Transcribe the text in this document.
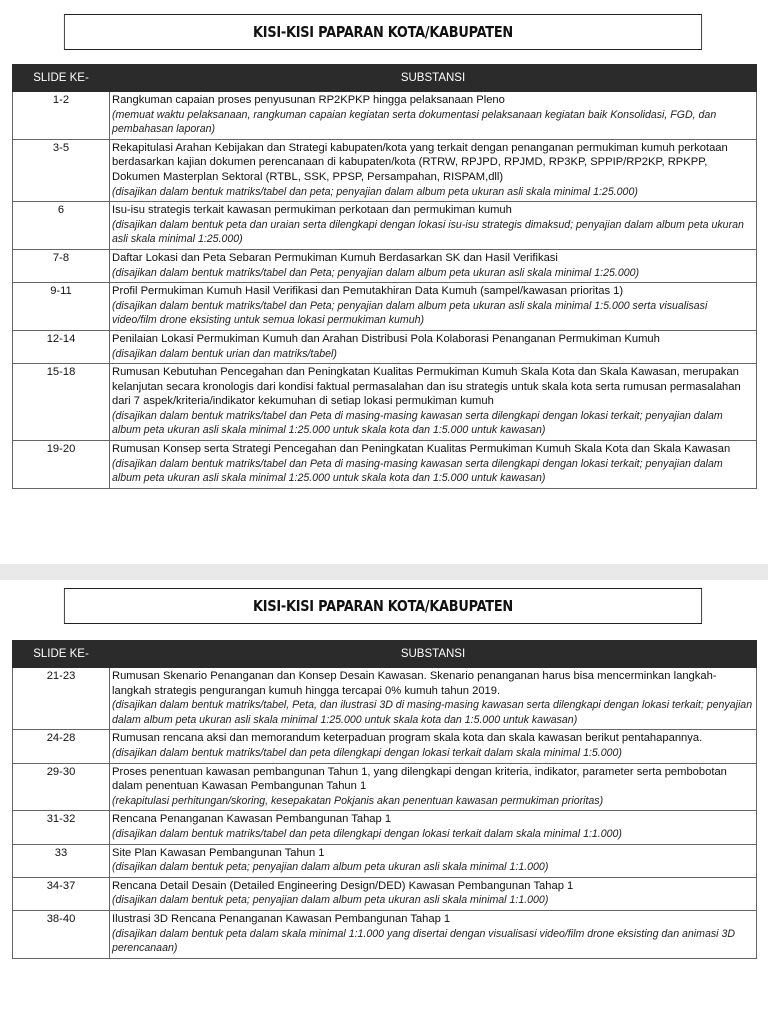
KISI-KISI PAPARAN KOTA/KABUPATEN
SLIDE KE-	SUBSTANSI
1-2	Rangkuman capaian proses penyusunan RP2KPKP hingga pelaksanaan Pleno
(memuat waktu pelaksanaan, rangkuman capaian kegiatan serta dokumentasi pelaksanaan kegiatan baik Konsolidasi, FGD, dan pembahasan laporan)

3-5	Rekapitulasi Arahan Kebijakan dan Strategi kabupaten/kota yang terkait dengan penanganan permukiman kumuh perkotaan berdasarkan kajian dokumen perencanaan di kabupaten/kota (RTRW, RPJPD, RPJMD, RP3KP, SPPIP/RP2KP, RPKPP, Dokumen Masterplan Sektoral (RTBL, SSK, PPSP, Persampahan, RISPAM,dll)
(disajikan dalam bentuk matriks/tabel dan peta; penyajian dalam album peta ukuran asli skala minimal 1:25.000)

6	Isu-isu strategis terkait kawasan permukiman perkotaan dan permukiman kumuh
(disajikan dalam bentuk peta dan uraian serta dilengkapi dengan lokasi isu-isu strategis dimaksud; penyajian dalam album peta ukuran asli skala minimal 1:25.000)

7-8	Daftar Lokasi dan Peta Sebaran Permukiman Kumuh Berdasarkan SK dan Hasil Verifikasi
(disajikan dalam bentuk matriks/tabel dan Peta; penyajian dalam album peta ukuran asli skala minimal 1:25.000)

9-11	Profil Permukiman Kumuh Hasil Verifikasi dan Pemutakhiran Data Kumuh (sampel/kawasan prioritas 1)
(disajikan dalam bentuk matriks/tabel dan Peta; penyajian dalam album peta ukuran asli skala minimal 1:5.000 serta visualisasi video/film drone eksisting untuk semua lokasi permukiman kumuh)

12-14	Penilaian Lokasi Permukiman Kumuh dan Arahan Distribusi Pola Kolaborasi Penanganan Permukiman Kumuh
(disajikan dalam bentuk urian dan matriks/tabel)

15-18	Rumusan Kebutuhan Pencegahan dan Peningkatan Kualitas Permukiman Kumuh Skala Kota dan Skala Kawasan, merupakan kelanjutan secara kronologis dari kondisi faktual permasalahan dan isu strategis untuk skala kota serta rumusan permasalahan dari 7 aspek/kriteria/indikator kekumuhan di setiap lokasi permukiman kumuh
(disajikan dalam bentuk matriks/tabel dan Peta di masing-masing kawasan serta dilengkapi dengan lokasi terkait; penyajian dalam album peta ukuran asli skala minimal 1:25.000 untuk skala kota dan 1:5.000 untuk kawasan)

19-20	Rumusan Konsep serta Strategi Pencegahan dan Peningkatan Kualitas Permukiman Kumuh Skala Kota dan Skala Kawasan
(disajikan dalam bentuk matriks/tabel dan Peta di masing-masing kawasan serta dilengkapi dengan lokasi terkait; penyajian dalam album peta ukuran asli skala minimal 1:25.000 untuk skala kota dan 1:5.000 untuk kawasan)
KISI-KISI PAPARAN KOTA/KABUPATEN
SLIDE KE-	SUBSTANSI
21-23	Rumusan Skenario Penanganan dan Konsep Desain Kawasan. Skenario penanganan harus bisa mencerminkan langkah-langkah strategis pengurangan kumuh hingga tercapai 0% kumuh tahun 2019.
(disajikan dalam bentuk matriks/tabel, Peta, dan ilustrasi 3D di masing-masing kawasan serta dilengkapi dengan lokasi terkait; penyajian dalam album peta ukuran asli skala minimal 1:25.000 untuk skala kota dan 1:5.000 untuk kawasan)

24-28	Rumusan rencana aksi dan memorandum keterpaduan program skala kota dan skala kawasan berikut pentahapannya.
(disajikan dalam bentuk matriks/tabel dan peta dilengkapi dengan lokasi terkait dalam skala minimal 1:5.000)

29-30	Proses penentuan kawasan pembangunan Tahun 1, yang dilengkapi dengan kriteria, indikator, parameter serta pembobotan dalam penentuan Kawasan Pembangunan Tahun 1
(rekapitulasi perhitungan/skoring, kesepakatan Pokjanis akan penentuan kawasan permukiman prioritas)

31-32	Rencana Penanganan Kawasan Pembangunan Tahap 1
(disajikan dalam bentuk matriks/tabel dan peta dilengkapi dengan lokasi terkait dalam skala minimal 1:1.000)

33	Site Plan Kawasan Pembangunan Tahun 1
(disajikan dalam bentuk peta; penyajian dalam album peta ukuran asli skala minimal 1:1.000)

34-37	Rencana Detail Desain (Detailed Engineering Design/DED) Kawasan Pembangunan Tahap 1
(disajikan dalam bentuk peta; penyajian dalam album peta ukuran asli skala minimal 1:1.000)

38-40	Ilustrasi 3D Rencana Penanganan Kawasan Pembangunan Tahap 1
(disajikan dalam bentuk peta dalam skala minimal 1:1.000 yang disertai dengan visualisasi video/film drone eksisting dan animasi 3D perencanaan)
